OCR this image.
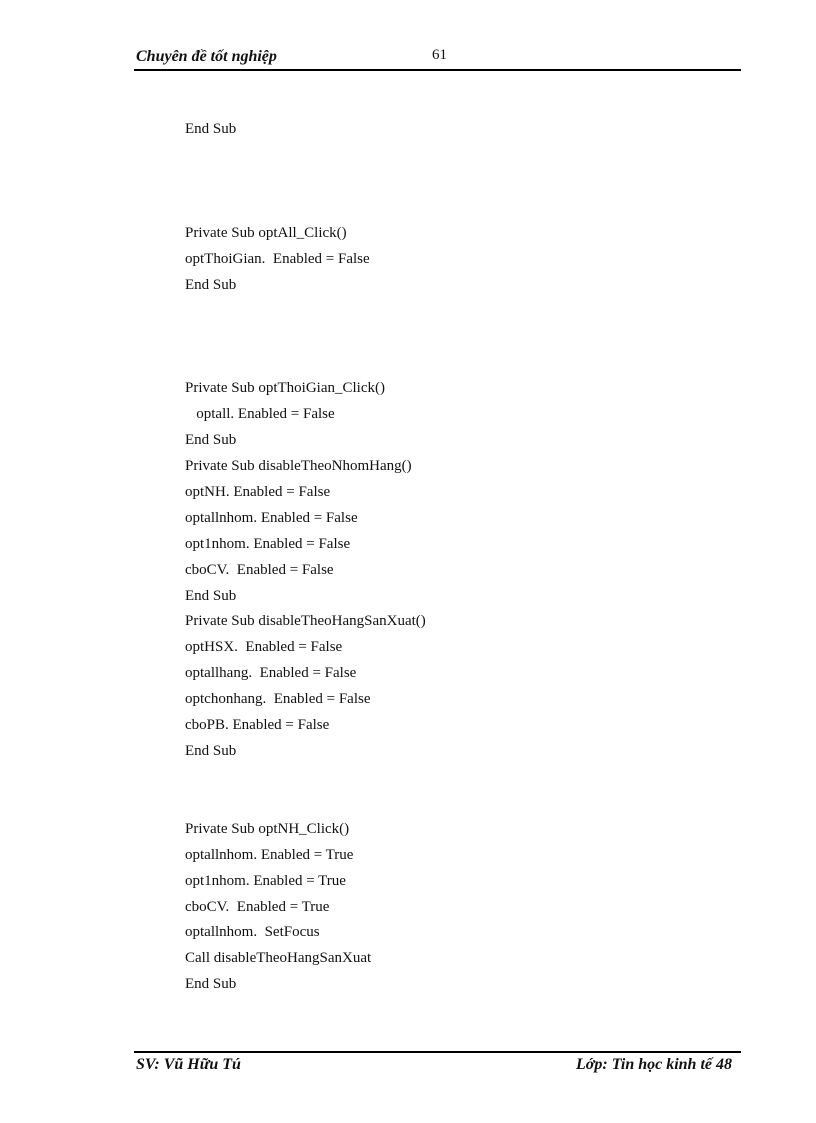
Chuyên đề tốt nghiệp	61
End Sub
Private Sub optAll_Click()
optThoiGian.  Enabled = False
End Sub
Private Sub optThoiGian_Click()
optall. Enabled = False
End Sub
Private Sub disableTheoNhomHang()
optNH. Enabled = False
optallnhom. Enabled = False
opt1nhom. Enabled = False
cboCV.  Enabled = False
End Sub
Private Sub disableTheoHangSanXuat()
optHSX.  Enabled = False
optallhang.  Enabled = False
optchonhang.  Enabled = False
cboPB. Enabled = False
End Sub
Private Sub optNH_Click()
optallnhom. Enabled = True
opt1nhom. Enabled = True
cboCV.  Enabled = True
optallnhom.  SetFocus
Call disableTheoHangSanXuat
End Sub
SV: Vũ Hữu Tú	Lớp: Tin học kinh tế 48
